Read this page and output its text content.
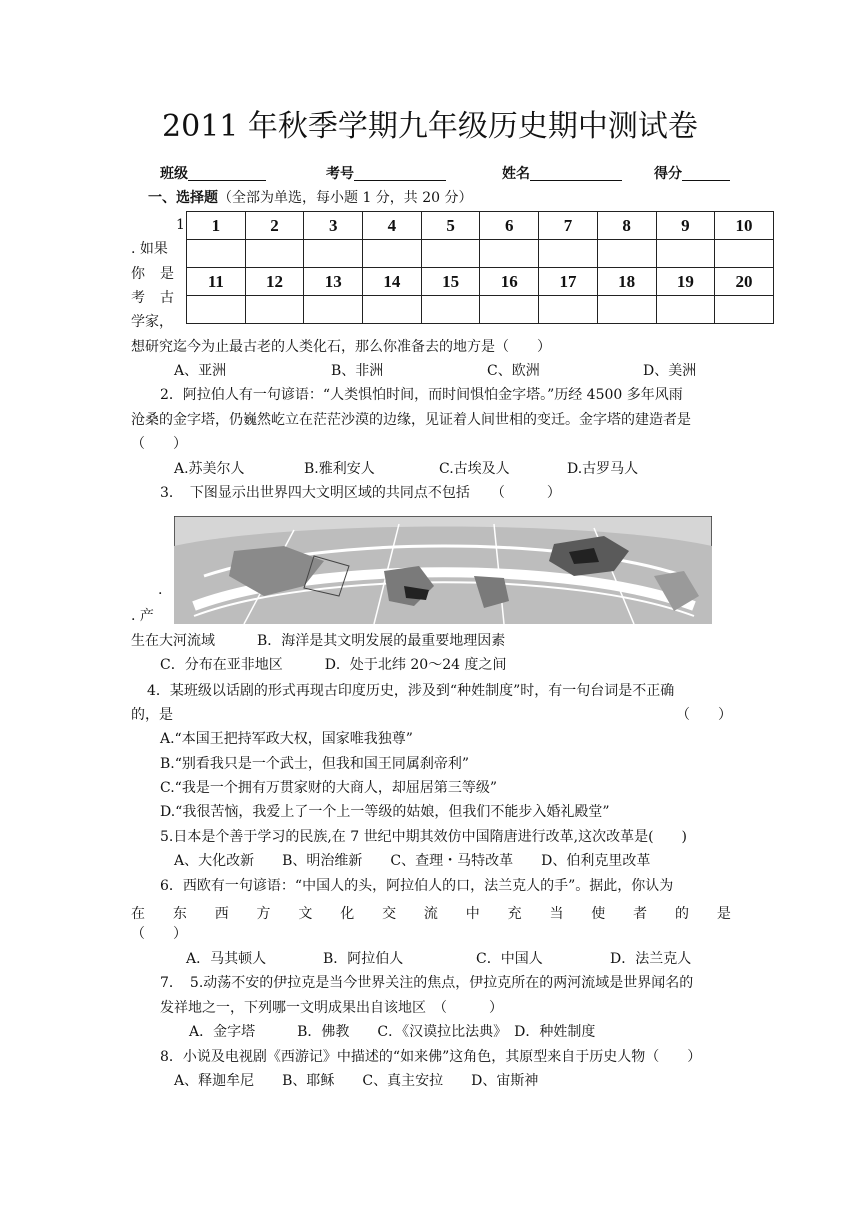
2011 年秋季学期九年级历史期中测试卷
班级	考号	姓名	得分
一、选择题（全部为单选，每小题 1 分，共 20 分）
1	2	3	4	5	6	7	8	9	10

11	12	13	14	15	16	17	18	19	20

1
. 如果
你 是
考 古
学家，
想研究迄今为止最古老的人类化石，那么你准备去的地方是（　　）
A、亚洲	B、非洲	C、欧洲	D、美洲
2．阿拉伯人有一句谚语：“人类惧怕时间，而时间惧怕金字塔。”历经 4500 多年风雨
沧桑的金字塔，仍巍然屹立在茫茫沙漠的边缘，见证着人间世相的变迁。金字塔的建造者是
（　　）
A.苏美尔人	B.雅利安人	C.古埃及人	D.古罗马人
3．　下图显示出世界四大文明区域的共同点不包括　　（　　　）
.
. 产
生在大河流域　　　B．海洋是其文明发展的最重要地理因素
C．分布在亚非地区　　　D．处于北纬 20～24 度之间
4．某班级以话剧的形式再现古印度历史，涉及到“种姓制度”时，有一句台词是不正确
的，是	（　　）
A.“本国王把持军政大权，国家唯我独尊”
B.“别看我只是一个武士，但我和国王同属刹帝利”
C.“我是一个拥有万贯家财的大商人，却屈居第三等级”
D.“我很苦恼，我爱上了一个上一等级的姑娘，但我们不能步入婚礼殿堂”
5.日本是个善于学习的民族,在 7 世纪中期其效仿中国隋唐进行改革,这次改革是(　　)
A、大化改新　　B、明治维新　　C、查理・马特改革　　D、伯利克里改革
6．西欧有一句谚语：“中国人的头，阿拉伯人的口，法兰克人的手”。据此，你认为
在 东 西 方 文 化 交 流 中 充 当 使 者 的 是
（　　）
A．马其顿人	B．阿拉伯人	C．中国人	D．法兰克人
7．　5.动荡不安的伊拉克是当今世界关注的焦点，伊拉克所在的两河流域是世界闻名的
发祥地之一，下列哪一文明成果出自该地区　（　　　）
A．金字塔　　　B．佛教　　C．《汉谟拉比法典》　D．种姓制度
8．小说及电视剧《西游记》中描述的“如来佛”这角色，其原型来自于历史人物（　　）
A、释迦牟尼　　B、耶稣　　C、真主安拉　　D、宙斯神
